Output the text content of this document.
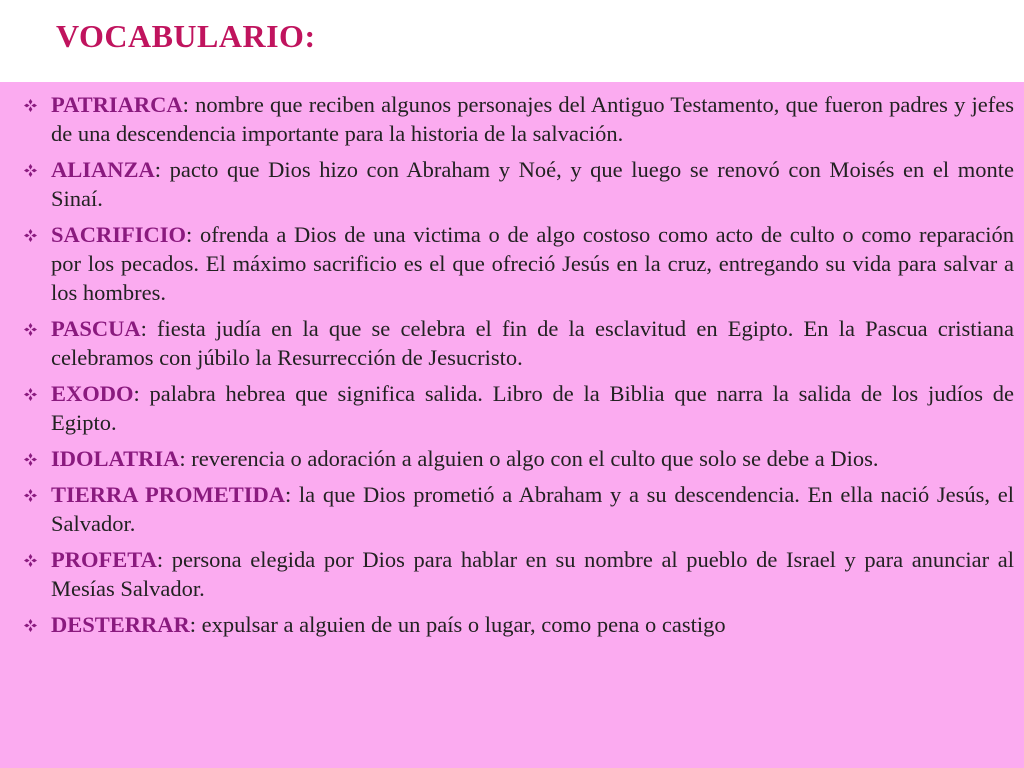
VOCABULARIO:
PATRIARCA: nombre que reciben algunos personajes del Antiguo Testamento, que fueron padres y jefes de una descendencia importante para la historia de la salvación.
ALIANZA: pacto que Dios hizo con Abraham y Noé, y que luego se renovó con Moisés en el monte Sinaí.
SACRIFICIO: ofrenda a Dios de una victima o de algo costoso como acto de culto o como reparación por los pecados. El máximo sacrificio es el que ofreció Jesús en la cruz, entregando su vida para salvar a los hombres.
PASCUA: fiesta judía en la que se celebra el fin de la esclavitud en Egipto. En la Pascua cristiana celebramos con júbilo la Resurrección de Jesucristo.
EXODO: palabra hebrea que significa salida. Libro de la Biblia que narra la salida de los judíos de Egipto.
IDOLATRIA: reverencia o adoración a alguien o algo con el culto que solo se debe a Dios.
TIERRA PROMETIDA: la que Dios prometió a Abraham y a su descendencia. En ella nació Jesús, el Salvador.
PROFETA: persona elegida por Dios para hablar en su nombre al pueblo de Israel y para anunciar al Mesías Salvador.
DESTERRAR: expulsar a alguien de un país o lugar, como pena o castigo
